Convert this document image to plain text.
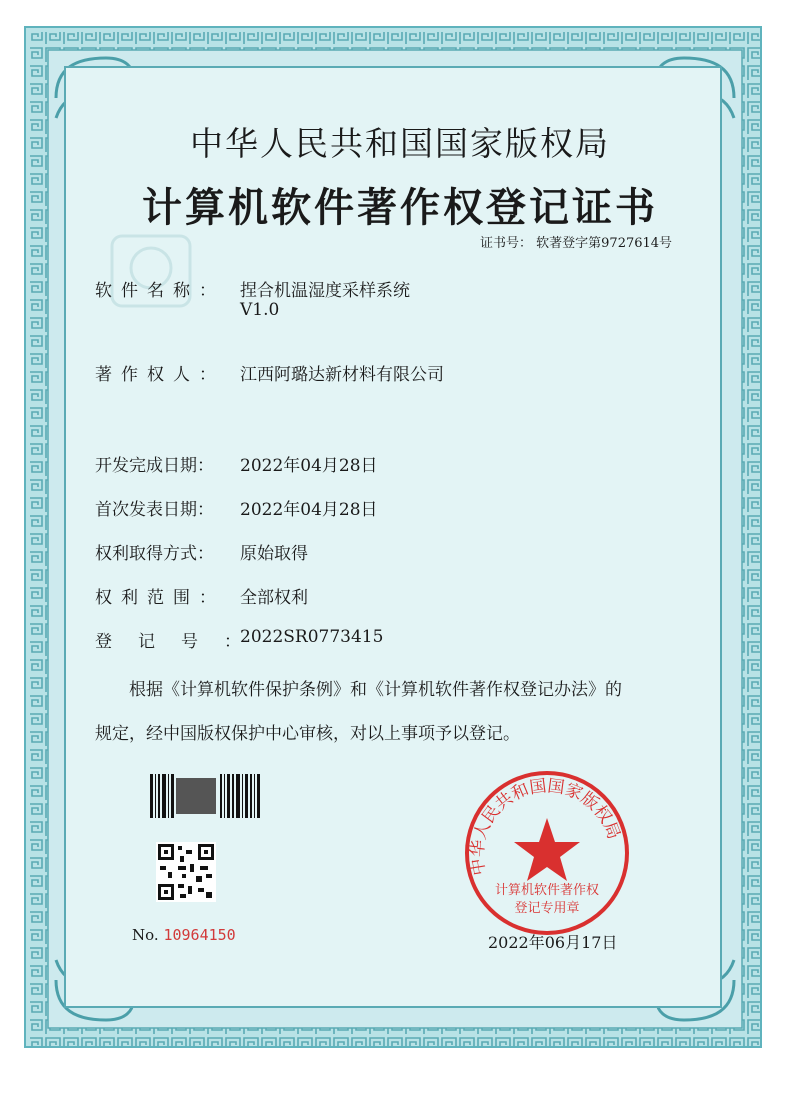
中华人民共和国国家版权局
计算机软件著作权登记证书
证书号： 软著登字第9727614号
软件名称： 捏合机温湿度采样系统
V1.0
著作权人： 江西阿璐达新材料有限公司
开发完成日期： 2022年04月28日
首次发表日期： 2022年04月28日
权利取得方式： 原始取得
权利范围： 全部权利
登记号：
2022SR0773415
根据《计算机软件保护条例》和《计算机软件著作权登记办法》的
规定，经中国版权保护中心审核，对以上事项予以登记。
No. 10964150
中华人民共和国国家版权局
计算机软件著作权
登记专用章
2022年06月17日
